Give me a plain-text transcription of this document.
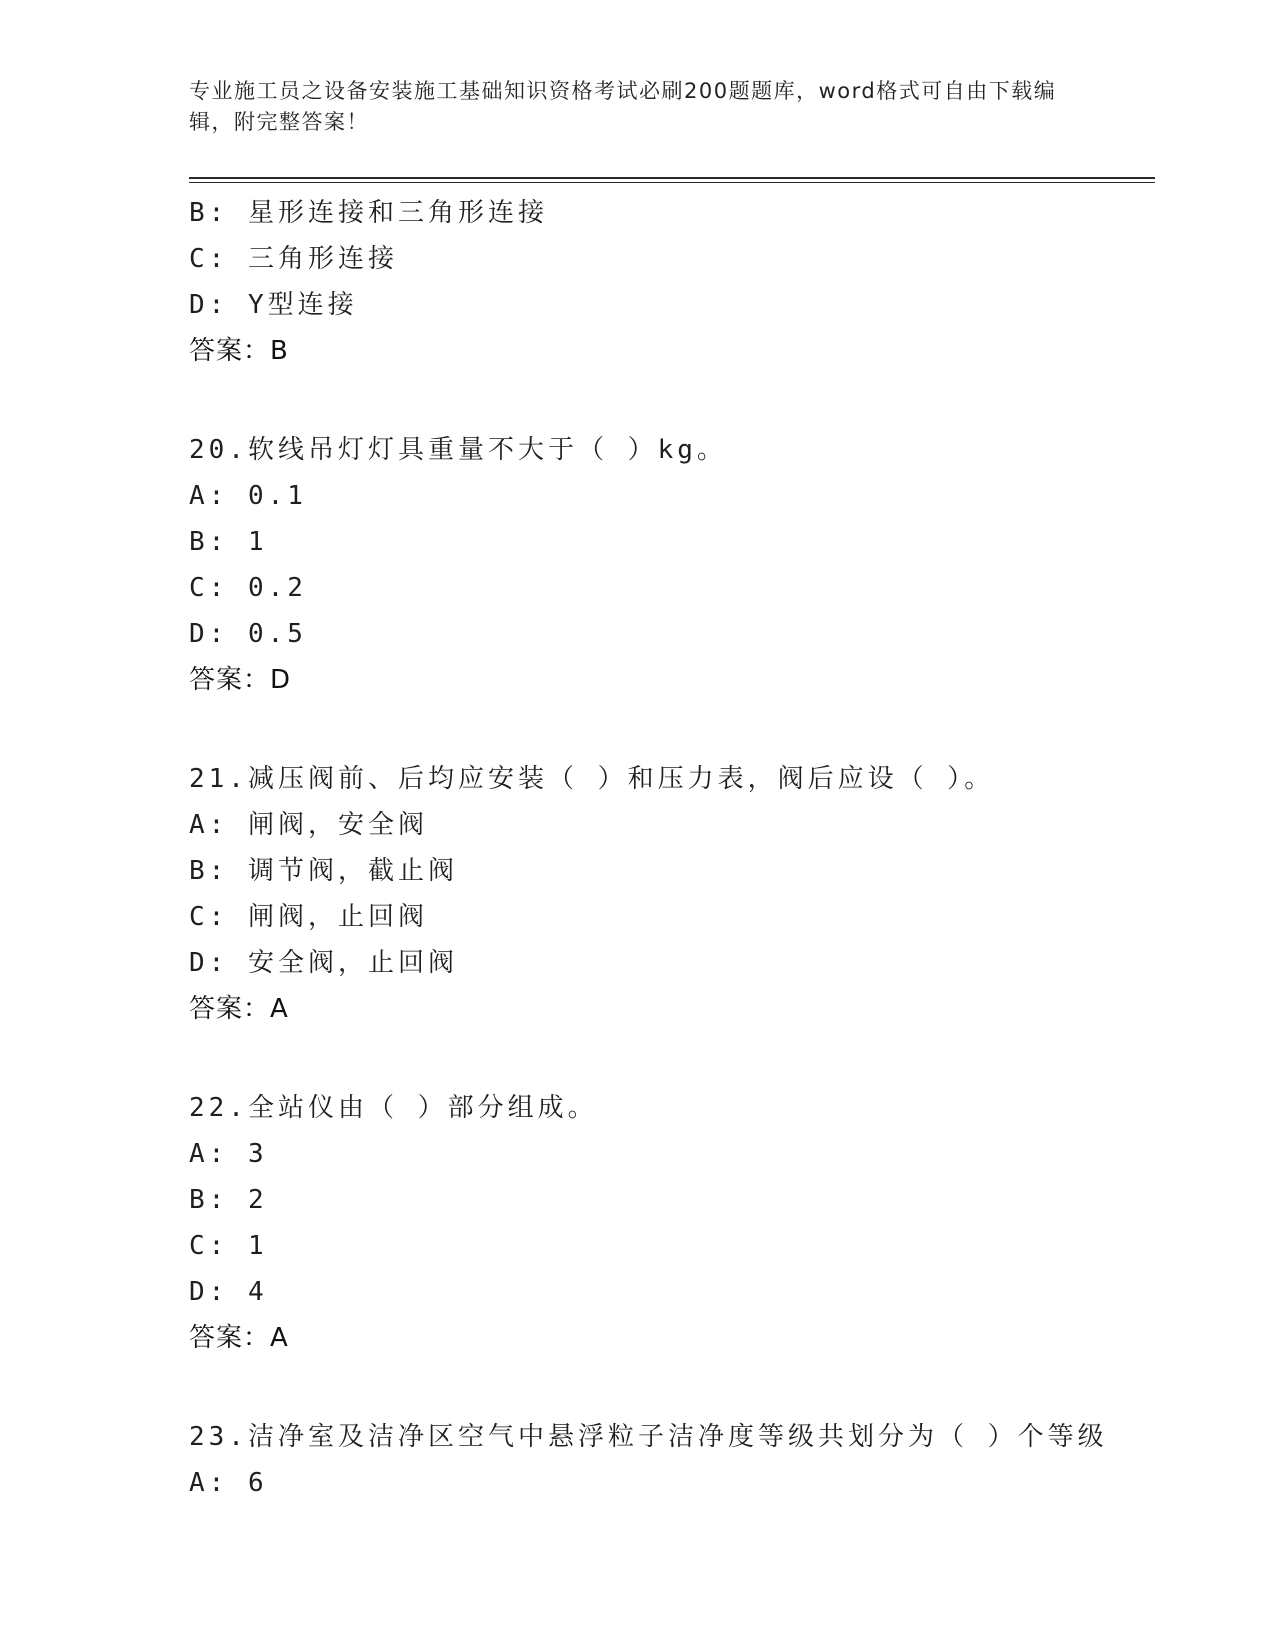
专业施工员之设备安装施工基础知识资格考试必刷200题题库，word格式可自由下载编辑，附完整答案！
B: 星形连接和三角形连接
C: 三角形连接
D: Y型连接
答案：B
20.软线吊灯灯具重量不大于（ ）kg。
A: 0.1
B: 1
C: 0.2
D: 0.5
答案：D
21.减压阀前、后均应安装（ ）和压力表，阀后应设（ ）。
A: 闸阀，安全阀
B: 调节阀，截止阀
C: 闸阀，止回阀
D: 安全阀，止回阀
答案：A
22.全站仪由（ ）部分组成。
A: 3
B: 2
C: 1
D: 4
答案：A
23.洁净室及洁净区空气中悬浮粒子洁净度等级共划分为（ ）个等级
A: 6
